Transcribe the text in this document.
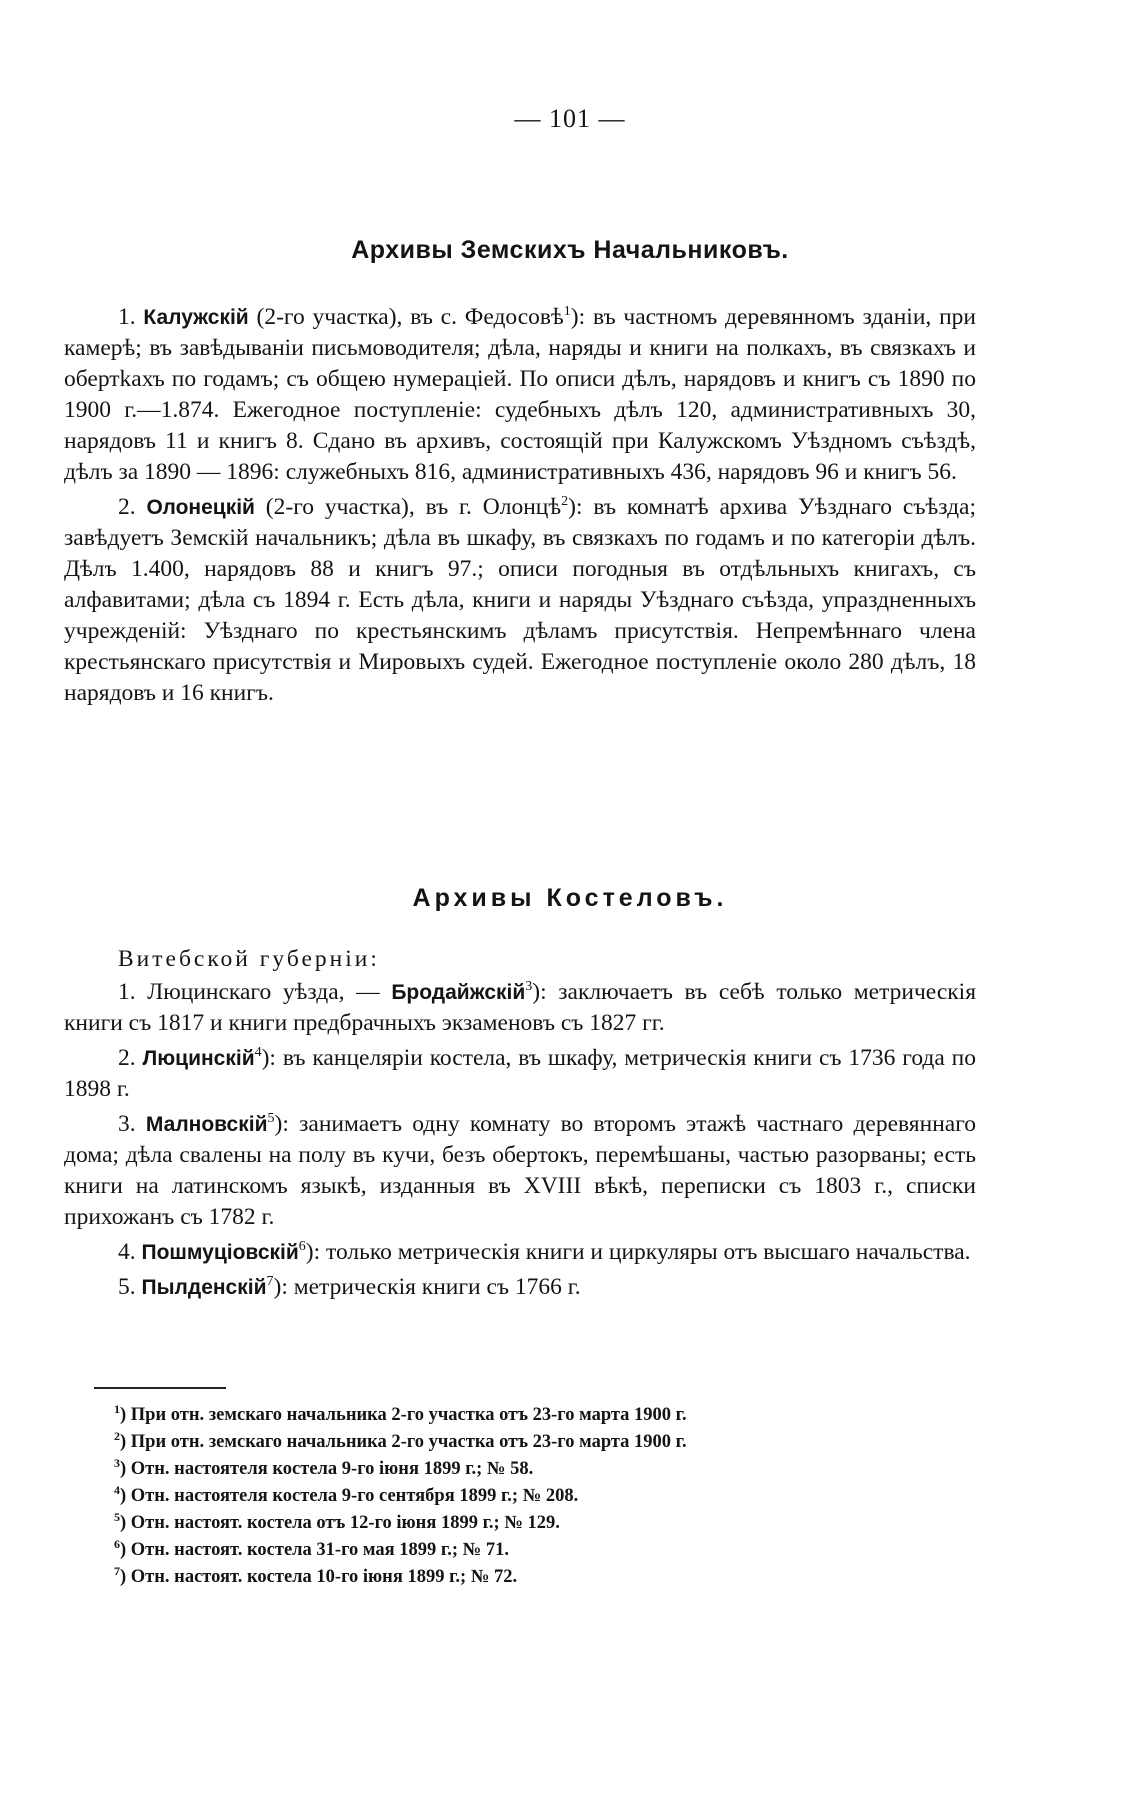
— 101 —
Архивы Земскихъ Начальниковъ.

1. Калужскій (2-го участка), въ с. Федосовѣ$^1$): въ частномъ деревянномъ зданіи, при камерѣ; въ завѣдываніи письмоводителя; дѣла, наряды и книги на полкахъ, въ связкахъ и обертkахъ по годамъ; съ общею нумераціей. По описи дѣлъ, нарядовъ и книгъ съ 1890 по 1900 г.—1.874. Ежегодное поступленіе: судебныхъ дѣлъ 120, административныхъ 30, нарядовъ 11 и книгъ 8. Сдано въ архивъ, состоящій при Калужскомъ Уѣздномъ съѣздѣ, дѣлъ за 1890 — 1896: служебныхъ 816, административныхъ 436, нарядовъ 96 и книгъ 56.

2. Олонецкій (2-го участка), въ г. Олонцѣ$^2$): въ комнатѣ архива Уѣзднаго съѣзда; завѣдуетъ Земскій начальникъ; дѣла въ шкафу, въ связкахъ по годамъ и по категоріи дѣлъ. Дѣлъ 1.400, нарядовъ 88 и книгъ 97.; описи погодныя въ отдѣльныхъ книгахъ, съ алфавитами; дѣла съ 1894 г. Есть дѣла, книги и наряды Уѣзднаго съѣзда, упраздненныхъ учрежденій: Уѣзднаго по крестьянскимъ дѣламъ присутствія. Непремѣннаго члена крестьянскаго присутствія и Мировыхъ судей. Ежегодное поступленіе около 280 дѣлъ, 18 нарядовъ и 16 книгъ.

Архивы Костеловъ.

Витебской губерніи:

1. Люцинскаго уѣзда, — Бродайжскій$^3$): заключаетъ въ себѣ только метрическія книги съ 1817 и книги предбрачныхъ экзаменовъ съ 1827 гг.

2. Люцинскій$^4$): въ канцеляріи костела, въ шкафу, метрическія книги съ 1736 года по 1898 г.

3. Малновскій$^5$): занимаетъ одну комнату во второмъ этажѣ частнаго деревяннаго дома; дѣла свалены на полу въ кучи, безъ обертокъ, перемѣшаны, частью разорваны; есть книги на латинскомъ языкѣ, изданныя въ XVIII вѣкѣ, переписки съ 1803 г., списки прихожанъ съ 1782 г.

4. Пошмуціовскій$^6$): только метрическія книги и циркуляры отъ высшаго начальства.

5. Пылденскій$^7$): метрическія книги съ 1766 г.

$^1$) При отн. земскаго начальника 2-го участка отъ 23-го марта 1900 г.
$^2$) При отн. земскаго начальника 2-го участка отъ 23-го марта 1900 г.
$^3$) Отн. настоятеля костела 9-го іюня 1899 г.; № 58.
$^4$) Отн. настоятеля костела 9-го сентября 1899 г.; № 208.
$^5$) Отн. настоят. костела отъ 12-го іюня 1899 г.; № 129.
$^6$) Отн. настоят. костела 31-го мая 1899 г.; № 71.
$^7$) Отн. настоят. костела 10-го іюня 1899 г.; № 72.
